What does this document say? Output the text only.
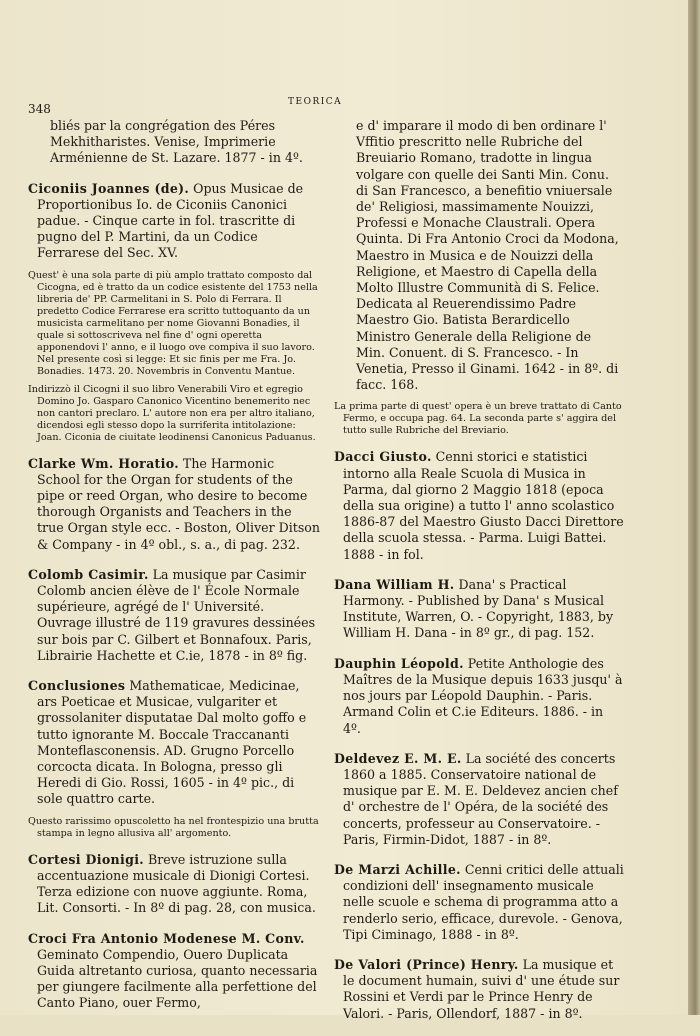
348	TEORICA
bliés par la congrégation des Péres Mekhitharistes. Venise, Imprimerie Arménienne de St. Lazare. 1877 - in 4º.
Ciconiis Joannes (de). Opus Musicae de Proportionibus Io. de Ciconiis Canonici padue. - Cinque carte in fol. trascritte di pugno del P. Martini, da un Codice Ferrarese del Sec. XV.
Quest' è una sola parte di più amplo trattato composto dal Cicogna, ed è tratto da un codice esistente del 1753 nella libreria de' PP. Carmelitani in S. Polo di Ferrara. Il predetto Codice Ferrarese era scritto tuttoquanto da un musicista carmelitano per nome Giovanni Bonadies, il quale si sottoscriveva nel fine d' ogni operetta apponendovi l' anno, e il luogo ove compiva il suo lavoro. Nel presente così si legge: Et sic finis per me Fra. Jo. Bonadies. 1473. 20. Novembris in Conventu Mantue.
Indirizzò il Cicogni il suo libro Venerabili Viro et egregio Domino Jo. Gasparo Canonico Vicentino benemerito nec non cantori preclaro. L' autore non era per altro italiano, dicendosi egli stesso dopo la surriferita intitolazione: Joan. Ciconia de ciuitate leodinensi Canonicus Paduanus.
Clarke Wm. Horatio. The Harmonic School for the Organ for students of the pipe or reed Organ, who desire to become thorough Organists and Teachers in the true Organ style ecc. - Boston, Oliver Ditson & Company - in 4º obl., s. a., di pag. 232.
Colomb Casimir. La musique par Casimir Colomb ancien élève de l' École Normale supérieure, agrégé de l' Université. Ouvrage illustré de 119 gravures dessinées sur bois par C. Gilbert et Bonnafoux. Paris, Librairie Hachette et C.ie, 1878 - in 8º fig.
Conclusiones Mathematicae, Medicinae, ars Poeticae et Musicae, vulgariter et grossolaniter disputatae Dal molto goffo e tutto ignorante M. Boccale Traccananti Monteflasconensis. AD. Grugno Porcello corcocta dicata. In Bologna, presso gli Heredi di Gio. Rossi, 1605 - in 4º pic., di sole quattro carte.
Questo rarissimo opuscoletto ha nel frontespizio una brutta stampa in legno allusiva all' argomento.
Cortesi Dionigi. Breve istruzione sulla accentuazione musicale di Dionigi Cortesi. Terza edizione con nuove aggiunte. Roma, Lit. Consorti. - In 8º di pag. 28, con musica.
Croci Fra Antonio Modenese M. Conv. Geminato Compendio, Ouero Duplicata Guida altretanto curiosa, quanto necessaria per giungere facilmente alla perfettione del Canto Piano, ouer Fermo,
e d' imparare il modo di ben ordinare l' Vffitio prescritto nelle Rubriche del Breuiario Romano, tradotte in lingua volgare con quelle dei Santi Min. Conu. di San Francesco, a benefitio vniuersale de' Religiosi, massimamente Nouizzi, Professi e Monache Claustrali. Opera Quinta. Di Fra Antonio Croci da Modona, Maestro in Musica e de Nouizzi della Religione, et Maestro di Capella della Molto Illustre Communità di S. Felice. Dedicata al Reuerendissimo Padre Maestro Gio. Batista Berardicello Ministro Generale della Religione de Min. Conuent. di S. Francesco. - In Venetia, Presso il Ginami. 1642 - in 8º. di facc. 168.
La prima parte di quest' opera è un breve trattato di Canto Fermo, e occupa pag. 64. La seconda parte s' aggira del tutto sulle Rubriche del Breviario.
Dacci Giusto. Cenni storici e statistici intorno alla Reale Scuola di Musica in Parma, dal giorno 2 Maggio 1818 (epoca della sua origine) a tutto l' anno scolastico 1886-87 del Maestro Giusto Dacci Direttore della scuola stessa. - Parma. Luigi Battei. 1888 - in fol.
Dana William H. Dana' s Practical Harmony. - Published by Dana' s Musical Institute, Warren, O. - Copyright, 1883, by William H. Dana - in 8º gr., di pag. 152.
Dauphin Léopold. Petite Anthologie des Maîtres de la Musique depuis 1633 jusqu' à nos jours par Léopold Dauphin. - Paris. Armand Colin et C.ie Editeurs. 1886. - in 4º.
Deldevez E. M. E. La société des concerts 1860 a 1885. Conservatoire national de musique par E. M. E. Deldevez ancien chef d' orchestre de l' Opéra, de la société des concerts, professeur au Conservatoire. - Paris, Firmin-Didot, 1887 - in 8º.
De Marzi Achille. Cenni critici delle attuali condizioni dell' insegnamento musicale nelle scuole e schema di programma atto a renderlo serio, efficace, durevole. - Genova, Tipi Ciminago, 1888 - in 8º.
De Valori (Prince) Henry. La musique et le document humain, suivi d' une étude sur Rossini et Verdi par le Prince Henry de Valori. - Paris, Ollendorf, 1887 - in 8º.
